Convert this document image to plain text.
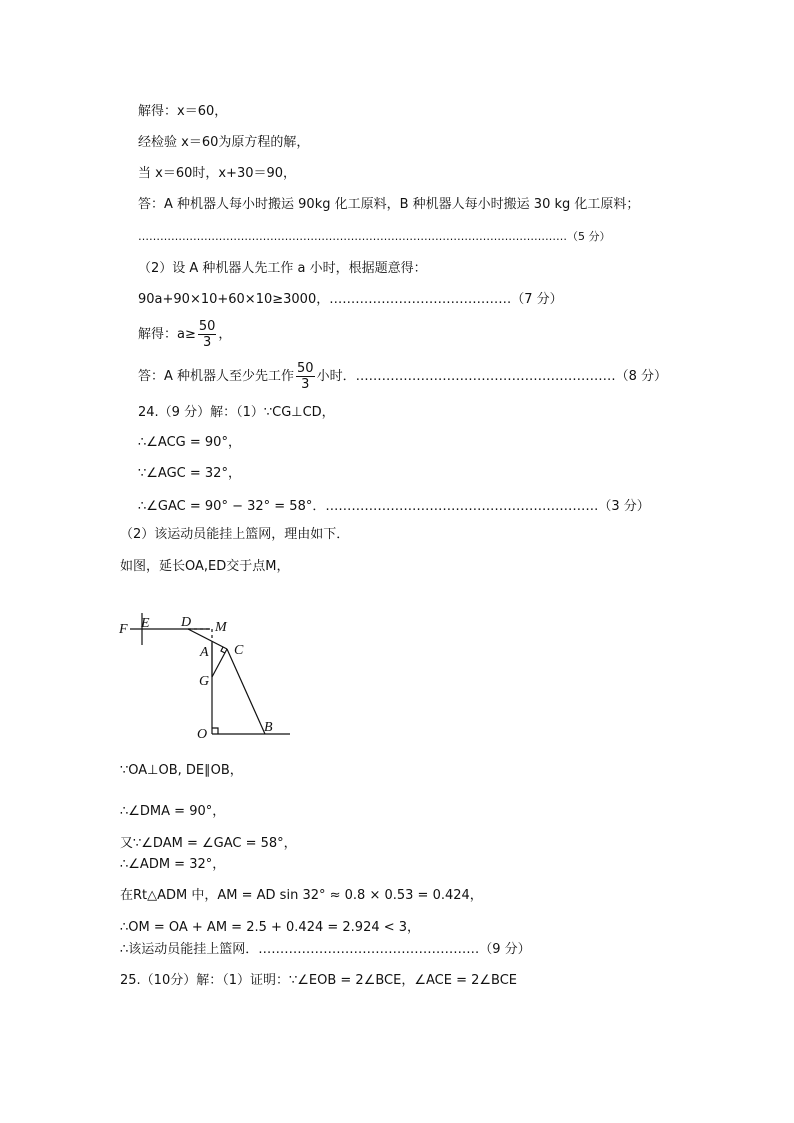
解得：x＝60，
经检验 x＝60为原方程的解，
当 x＝60时，x+30＝90，
答：A 种机器人每小时搬运 90kg 化工原料，B 种机器人每小时搬运 30 kg 化工原料；
………………………………………………………………………………………………………（5 分）
（2）设 A 种机器人先工作 a 小时，根据题意得：
90a+90×10+60×10≥3000，……………………………………（7 分）
解得：$a\ge \frac{50}{3}$ ，
答：A 种机器人至少先工作 $\frac{50}{3}$ 小时．……………………………………………………（8 分）
24.（9 分）解：（1）∵CG⊥CD，
∴∠ACG = 90°，
∵∠AGC = 32°，
∴∠GAC = 90° − 32° = 58°．………………………………………………………（3 分）
（2）该运动员能挂上篮网，理由如下．
如图，延长OA,ED交于点M，
F E D M
A C
G
O	B
∵OA⊥OB, DE∥OB，
∴∠DMA = 90°，
又∵∠DAM = ∠GAC = 58°，
∴∠ADM = 32°，
在Rt△ADM 中，AM = AD sin 32° ≈ 0.8 × 0.53 = 0.424，
∴OM = OA + AM = 2.5 + 0.424 = 2.924 < 3，
∴该运动员能挂上篮网．……………………………………………（9 分）
25.（10分）解：（1）证明：∵∠EOB = 2∠BCE，∠ACE = 2∠BCE
